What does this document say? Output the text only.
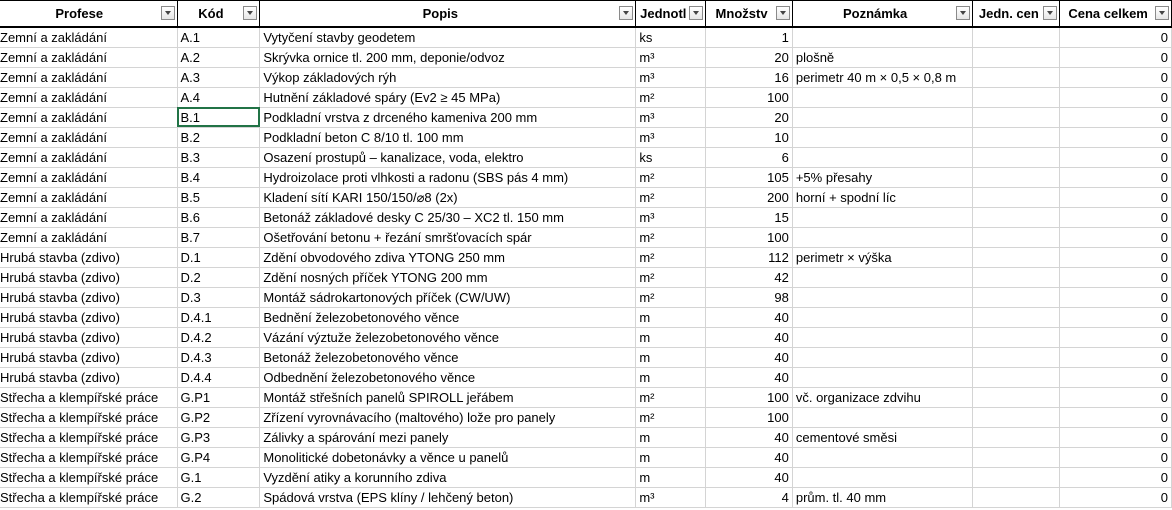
Profese	Kód	Popis	Jednotl	Množstv	Poznámka	Jedn. cen	Cena celkem

Zemní a zakládání	A.1	Vytyčení stavby geodetem	ks	1			0
Zemní a zakládání	A.2	Skrývka ornice tl. 200 mm, deponie/odvoz	m³	20	plošně		0
Zemní a zakládání	A.3	Výkop základových rýh	m³	16	perimetr 40 m × 0,5 × 0,8 m		0
Zemní a zakládání	A.4	Hutnění základové spáry (Ev2 ≥ 45 MPa)	m²	100			0
Zemní a zakládání	B.1	Podkladní vrstva z drceného kameniva 200 mm	m³	20			0
Zemní a zakládání	B.2	Podkladní beton C 8/10 tl. 100 mm	m³	10			0
Zemní a zakládání	B.3	Osazení prostupů – kanalizace, voda, elektro	ks	6			0
Zemní a zakládání	B.4	Hydroizolace proti vlhkosti a radonu (SBS pás 4 mm)	m²	105	+5% přesahy		0
Zemní a zakládání	B.5	Kladení sítí KARI 150/150/⌀8 (2x)	m²	200	horní + spodní líc		0
Zemní a zakládání	B.6	Betonáž základové desky C 25/30 – XC2 tl. 150 mm	m³	15			0
Zemní a zakládání	B.7	Ošetřování betonu + řezání smršťovacích spár	m²	100			0
Hrubá stavba (zdivo)	D.1	Zdění obvodového zdiva YTONG 250 mm	m²	112	perimetr × výška		0
Hrubá stavba (zdivo)	D.2	Zdění nosných příček YTONG 200 mm	m²	42			0
Hrubá stavba (zdivo)	D.3	Montáž sádrokartonových příček (CW/UW)	m²	98			0
Hrubá stavba (zdivo)	D.4.1	Bednění železobetonového věnce	m	40			0
Hrubá stavba (zdivo)	D.4.2	Vázání výztuže železobetonového věnce	m	40			0
Hrubá stavba (zdivo)	D.4.3	Betonáž železobetonového věnce	m	40			0
Hrubá stavba (zdivo)	D.4.4	Odbednění železobetonového věnce	m	40			0
Střecha a klempířské práce	G.P1	Montáž střešních panelů SPIROLL jeřábem	m²	100	vč. organizace zdvihu		0
Střecha a klempířské práce	G.P2	Zřízení vyrovnávacího (maltového) lože pro panely	m²	100			0
Střecha a klempířské práce	G.P3	Zálivky a spárování mezi panely	m	40	cementové směsi		0
Střecha a klempířské práce	G.P4	Monolitické dobetonávky a věnce u panelů	m	40			0
Střecha a klempířské práce	G.1	Vyzdění atiky a korunního zdiva	m	40			0
Střecha a klempířské práce	G.2	Spádová vrstva (EPS klíny / lehčený beton)	m³	4	prům. tl. 40 mm		0
